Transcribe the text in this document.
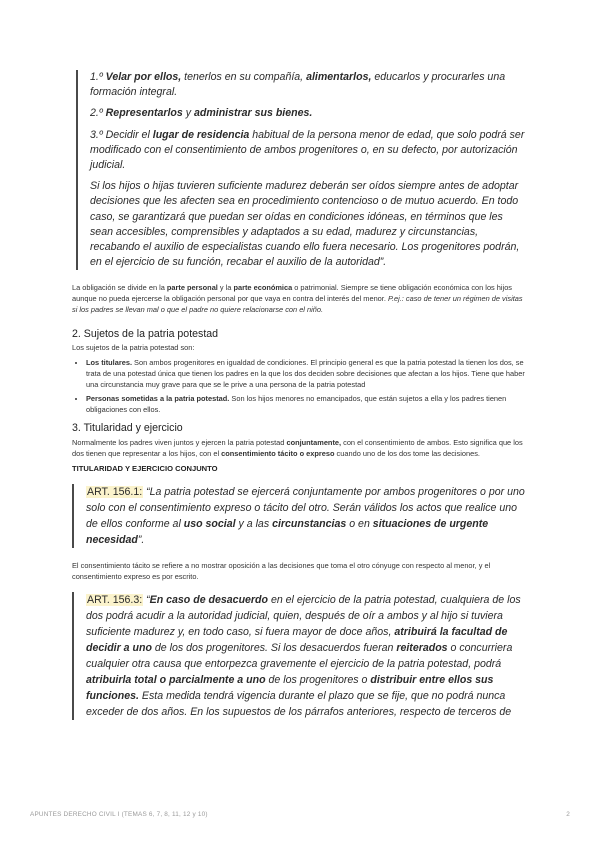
1.º Velar por ellos, tenerlos en su compañía, alimentarlos, educarlos y procurarles una formación integral.

2.º Representarlos y administrar sus bienes.

3.º Decidir el lugar de residencia habitual de la persona menor de edad, que solo podrá ser modificado con el consentimiento de ambos progenitores o, en su defecto, por autorización judicial.

Si los hijos o hijas tuvieren suficiente madurez deberán ser oídos siempre antes de adoptar decisiones que les afecten sea en procedimiento contencioso o de mutuo acuerdo. En todo caso, se garantizará que puedan ser oídas en condiciones idóneas, en términos que les sean accesibles, comprensibles y adaptados a su edad, madurez y circunstancias, recabando el auxilio de especialistas cuando ello fuera necesario. Los progenitores podrán, en el ejercicio de su función, recabar el auxilio de la autoridad”.

La obligación se divide en la parte personal y la parte económica o patrimonial. Siempre se tiene obligación económica con los hijos aunque no pueda ejercerse la obligación personal por que vaya en contra del interés del menor. P.ej.: caso de tener un régimen de visitas si los padres se llevan mal o que el padre no quiere relacionarse con el niño.

2. Sujetos de la patria potestad

Los sujetos de la patria potestad son:

• Los titulares. Son ambos progenitores en igualdad de condiciones. El principio general es que la patria potestad la tienen los dos, se trata de una potestad única que tienen los padres en la que los dos deciden sobre decisiones que afectan a los hijos. Tiene que haber una circunstancia muy grave para que se le prive a una persona de la patria potestad
• Personas sometidas a la patria potestad. Son los hijos menores no emancipados, que están sujetos a ella y los padres tienen obligaciones con ellos.
3. Titularidad y ejercicio

Normalmente los padres viven juntos y ejercen la patria potestad conjuntamente, con el consentimiento de ambos. Esto significa que los dos tienen que representar a los hijos, con el consentimiento tácito o expreso cuando uno de los dos tome las decisiones.

TITULARIDAD Y EJERCICIO CONJUNTO
ART. 156.1: “La patria potestad se ejercerá conjuntamente por ambos progenitores o por uno solo con el consentimiento expreso o tácito del otro. Serán válidos los actos que realice uno de ellos conforme al uso social y a las circunstancias o en situaciones de urgente necesidad”.

El consentimiento tácito se refiere a no mostrar oposición a las decisiones que toma el otro cónyuge con respecto al menor, y el consentimiento expreso es por escrito.

ART. 156.3: “En caso de desacuerdo en el ejercicio de la patria potestad, cualquiera de los dos podrá acudir a la autoridad judicial, quien, después de oír a ambos y al hijo si tuviera suficiente madurez y, en todo caso, si fuera mayor de doce años, atribuirá la facultad de decidir a uno de los dos progenitores. Si los desacuerdos fueran reiterados o concurriera cualquier otra causa que entorpezca gravemente el ejercicio de la patria potestad, podrá atribuirla total o parcialmente a uno de los progenitores o distribuir entre ellos sus funciones. Esta medida tendrá vigencia durante el plazo que se fije, que no podrá nunca exceder de dos años. En los supuestos de los párrafos anteriores, respecto de terceros de
APUNTES DERECHO CIVIL I (TEMAS 6, 7, 8, 11, 12 y 10)	2
